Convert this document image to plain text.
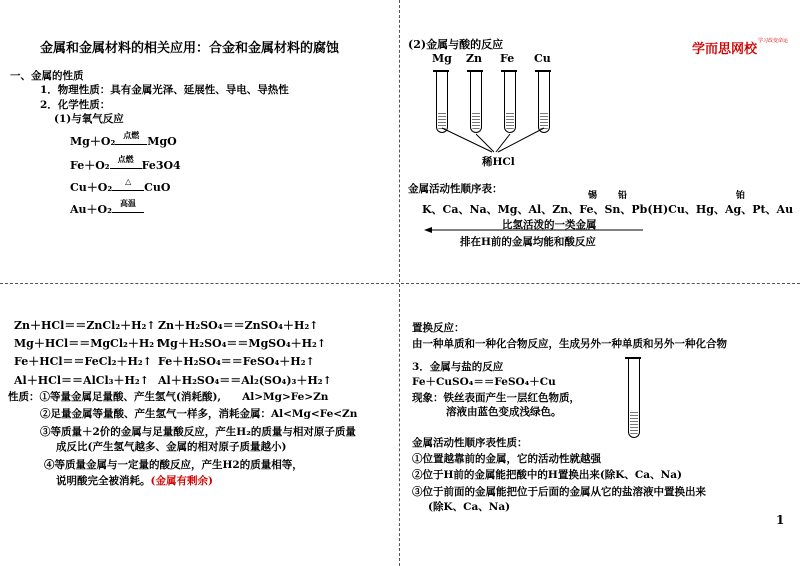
金属和金属材料的相关应用：合金和金属材料的腐蚀
一、金属的性质
1．物理性质：具有金属光泽、延展性、导电、导热性
2．化学性质：
(1)与氧气反应
Mg＋O₂	点燃 MgO
Fe＋O₂	点燃 Fe3O4
Cu＋O₂	△	CuO
Au＋O₂	高温
(2)金属与酸的反应	学而思网校
学习改变命运
Mg Zn Fe Cu
稀HCl
金属活动性顺序表：
锡 铅	铂
K、Ca、Na、Mg、Al、Zn、Fe、Sn、Pb(H)Cu、Hg、Ag、Pt、Au
比氢活泼的一类金属
排在H前的金属均能和酸反应
Zn＋HCl＝＝ZnCl₂＋H₂↑ Zn＋H₂SO₄＝＝ZnSO₄＋H₂↑
Mg＋HCl＝＝MgCl₂＋H₂↑
Mg＋H₂SO₄＝＝MgSO₄＋H₂↑
Fe＋HCl＝＝FeCl₂＋H₂↑ Fe＋H₂SO₄＝＝FeSO₄＋H₂↑
Al＋HCl＝＝AlCl₃＋H₂↑ Al＋H₂SO₄＝＝Al₂(SO₄)₃＋H₂↑
性质：①等量金属足量酸、产生氢气(消耗酸),　　Al>Mg>Fe>Zn
②足量金属等量酸、产生氢气一样多，消耗金属：Al<Mg<Fe<Zn
③等质量＋2价的金属与足量酸反应，产生H₂的质量与相对原子质量
成反比(产生氢气越多、金属的相对原子质量越小)
④等质量金属与一定量的酸反应，产生H2的质量相等，
说明酸完全被消耗。(金属有剩余)
置换反应：
由一种单质和一种化合物反应，生成另外一种单质和另外一种化合物
3．金属与盐的反应
Fe＋CuSO₄＝＝FeSO₄＋Cu
现象：铁丝表面产生一层红色物质，
溶液由蓝色变成浅绿色。
金属活动性顺序表性质：
①位置越靠前的金属，它的活动性就越强
②位于H前的金属能把酸中的H置换出来(除K、Ca、Na)
③位于前面的金属能把位于后面的金属从它的盐溶液中置换出来
(除K、Ca、Na)
1
